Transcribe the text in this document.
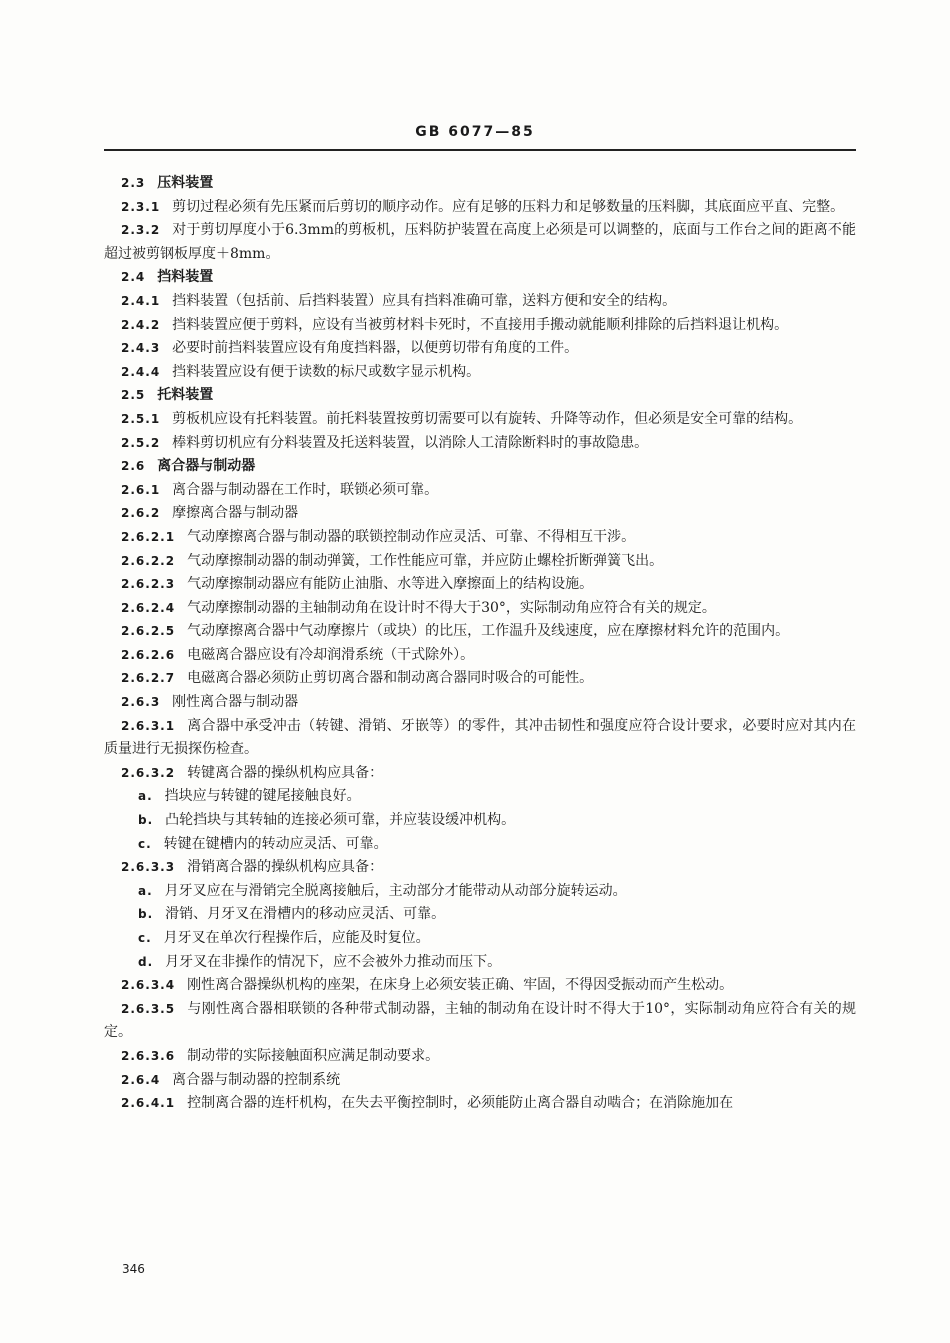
GB 6077—85

2.3 压料装置

2.3.1 剪切过程必须有先压紧而后剪切的顺序动作。应有足够的压料力和足够数量的压料脚，其底面应平直、完整。

2.3.2 对于剪切厚度小于6.3mm的剪板机，压料防护装置在高度上必须是可以调整的，底面与工作台之间的距离不能超过被剪钢板厚度＋8mm。

2.4 挡料装置

2.4.1 挡料装置（包括前、后挡料装置）应具有挡料准确可靠，送料方便和安全的结构。

2.4.2 挡料装置应便于剪料，应设有当被剪材料卡死时，不直接用手搬动就能顺利排除的后挡料退让机构。

2.4.3 必要时前挡料装置应设有角度挡料器，以便剪切带有角度的工件。

2.4.4 挡料装置应设有便于读数的标尺或数字显示机构。

2.5 托料装置

2.5.1 剪板机应设有托料装置。前托料装置按剪切需要可以有旋转、升降等动作，但必须是安全可靠的结构。

2.5.2 棒料剪切机应有分料装置及托送料装置，以消除人工清除断料时的事故隐患。

2.6 离合器与制动器

2.6.1 离合器与制动器在工作时，联锁必须可靠。

2.6.2 摩擦离合器与制动器

2.6.2.1 气动摩擦离合器与制动器的联锁控制动作应灵活、可靠、不得相互干涉。

2.6.2.2 气动摩擦制动器的制动弹簧，工作性能应可靠，并应防止螺栓折断弹簧飞出。

2.6.2.3 气动摩擦制动器应有能防止油脂、水等进入摩擦面上的结构设施。

2.6.2.4 气动摩擦制动器的主轴制动角在设计时不得大于30°，实际制动角应符合有关的规定。

2.6.2.5 气动摩擦离合器中气动摩擦片（或块）的比压，工作温升及线速度，应在摩擦材料允许的范围内。

2.6.2.6 电磁离合器应设有冷却润滑系统（干式除外）。

2.6.2.7 电磁离合器必须防止剪切离合器和制动离合器同时吸合的可能性。

2.6.3 刚性离合器与制动器

2.6.3.1 离合器中承受冲击（转键、滑销、牙嵌等）的零件，其冲击韧性和强度应符合设计要求，必要时应对其内在质量进行无损探伤检查。

2.6.3.2 转键离合器的操纵机构应具备：

a. 挡块应与转键的键尾接触良好。

b. 凸轮挡块与其转轴的连接必须可靠，并应装设缓冲机构。

c. 转键在键槽内的转动应灵活、可靠。

2.6.3.3 滑销离合器的操纵机构应具备：

a. 月牙叉应在与滑销完全脱离接触后，主动部分才能带动从动部分旋转运动。

b. 滑销、月牙叉在滑槽内的移动应灵活、可靠。

c. 月牙叉在单次行程操作后，应能及时复位。

d. 月牙叉在非操作的情况下，应不会被外力推动而压下。

2.6.3.4 刚性离合器操纵机构的座架，在床身上必须安装正确、牢固，不得因受振动而产生松动。

2.6.3.5 与刚性离合器相联锁的各种带式制动器，主轴的制动角在设计时不得大于10°，实际制动角应符合有关的规定。

2.6.3.6 制动带的实际接触面积应满足制动要求。

2.6.4 离合器与制动器的控制系统

2.6.4.1 控制离合器的连杆机构，在失去平衡控制时，必须能防止离合器自动啮合；在消除施加在

346
